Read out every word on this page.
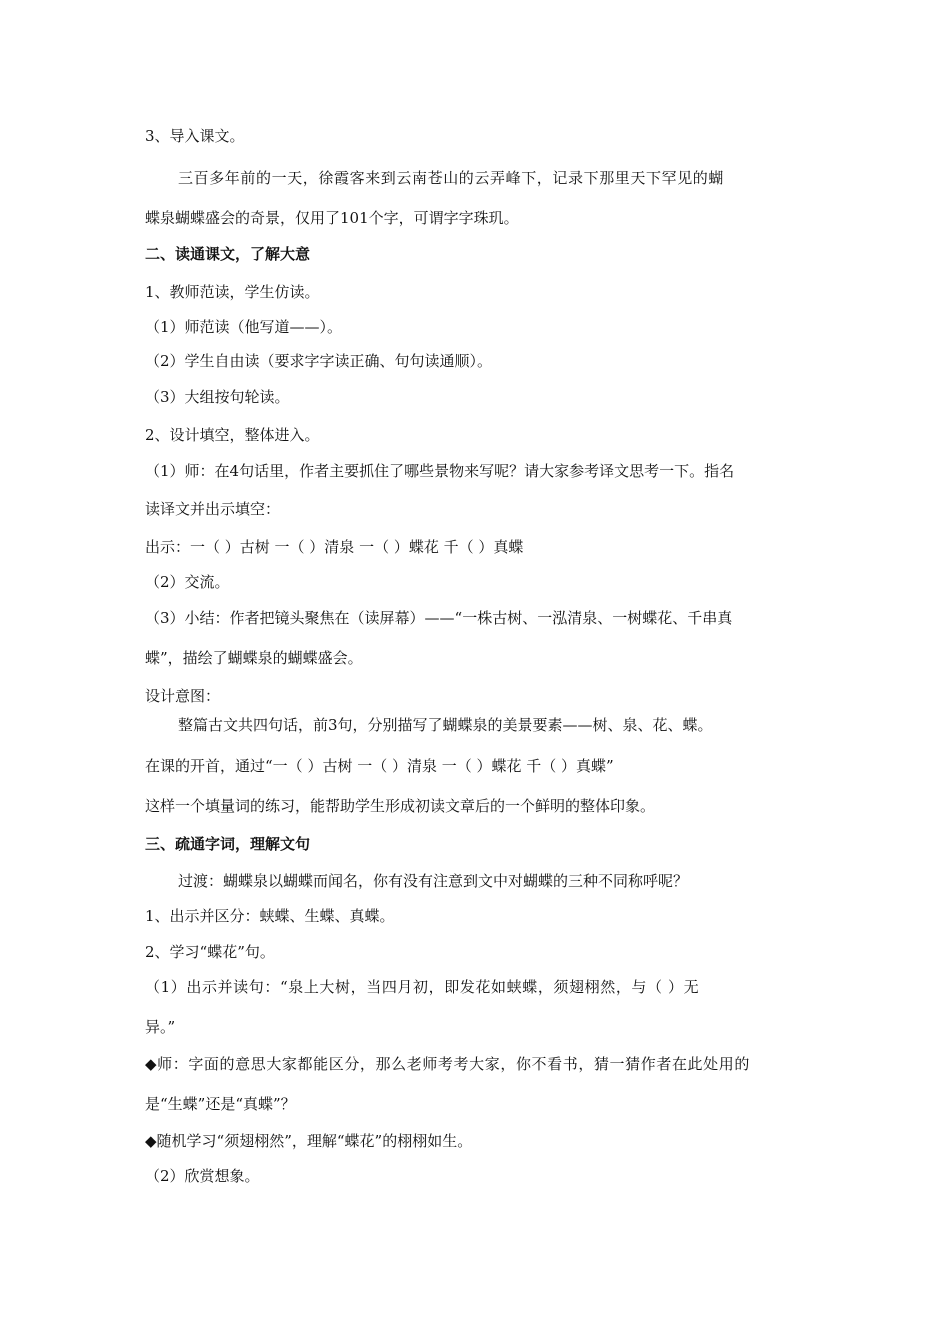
3、导入课文。
三百多年前的一天，徐霞客来到云南苍山的云弄峰下，记录下那里天下罕见的蝴
蝶泉蝴蝶盛会的奇景，仅用了101个字，可谓字字珠玑。
二、读通课文，了解大意
1、教师范读，学生仿读。
（1）师范读（他写道——）。
（2）学生自由读（要求字字读正确、句句读通顺）。
（3）大组按句轮读。
2、设计填空，整体进入。
（1）师：在4句话里，作者主要抓住了哪些景物来写呢？请大家参考译文思考一下。指名
读译文并出示填空：
出示：一（ ）古树 一（ ）清泉 一（ ）蝶花 千（ ）真蝶
（2）交流。
（3）小结：作者把镜头聚焦在（读屏幕）——“一株古树、一泓清泉、一树蝶花、千串真
蝶”，描绘了蝴蝶泉的蝴蝶盛会。
设计意图：
整篇古文共四句话，前3句，分别描写了蝴蝶泉的美景要素——树、泉、花、蝶。
在课的开首，通过“一（ ）古树 一（ ）清泉 一（ ）蝶花 千（ ）真蝶”
这样一个填量词的练习，能帮助学生形成初读文章后的一个鲜明的整体印象。
三、疏通字词，理解文句
过渡：蝴蝶泉以蝴蝶而闻名，你有没有注意到文中对蝴蝶的三种不同称呼呢？
1、出示并区分：蛱蝶、生蝶、真蝶。
2、学习“蝶花”句。
（1）出示并读句：“泉上大树，当四月初，即发花如蛱蝶，须翅栩然，与（ ）无
异。”
◆师：字面的意思大家都能区分，那么老师考考大家，你不看书，猜一猜作者在此处用的
是“生蝶”还是“真蝶”？
◆随机学习“须翅栩然”，理解“蝶花”的栩栩如生。
（2）欣赏想象。
